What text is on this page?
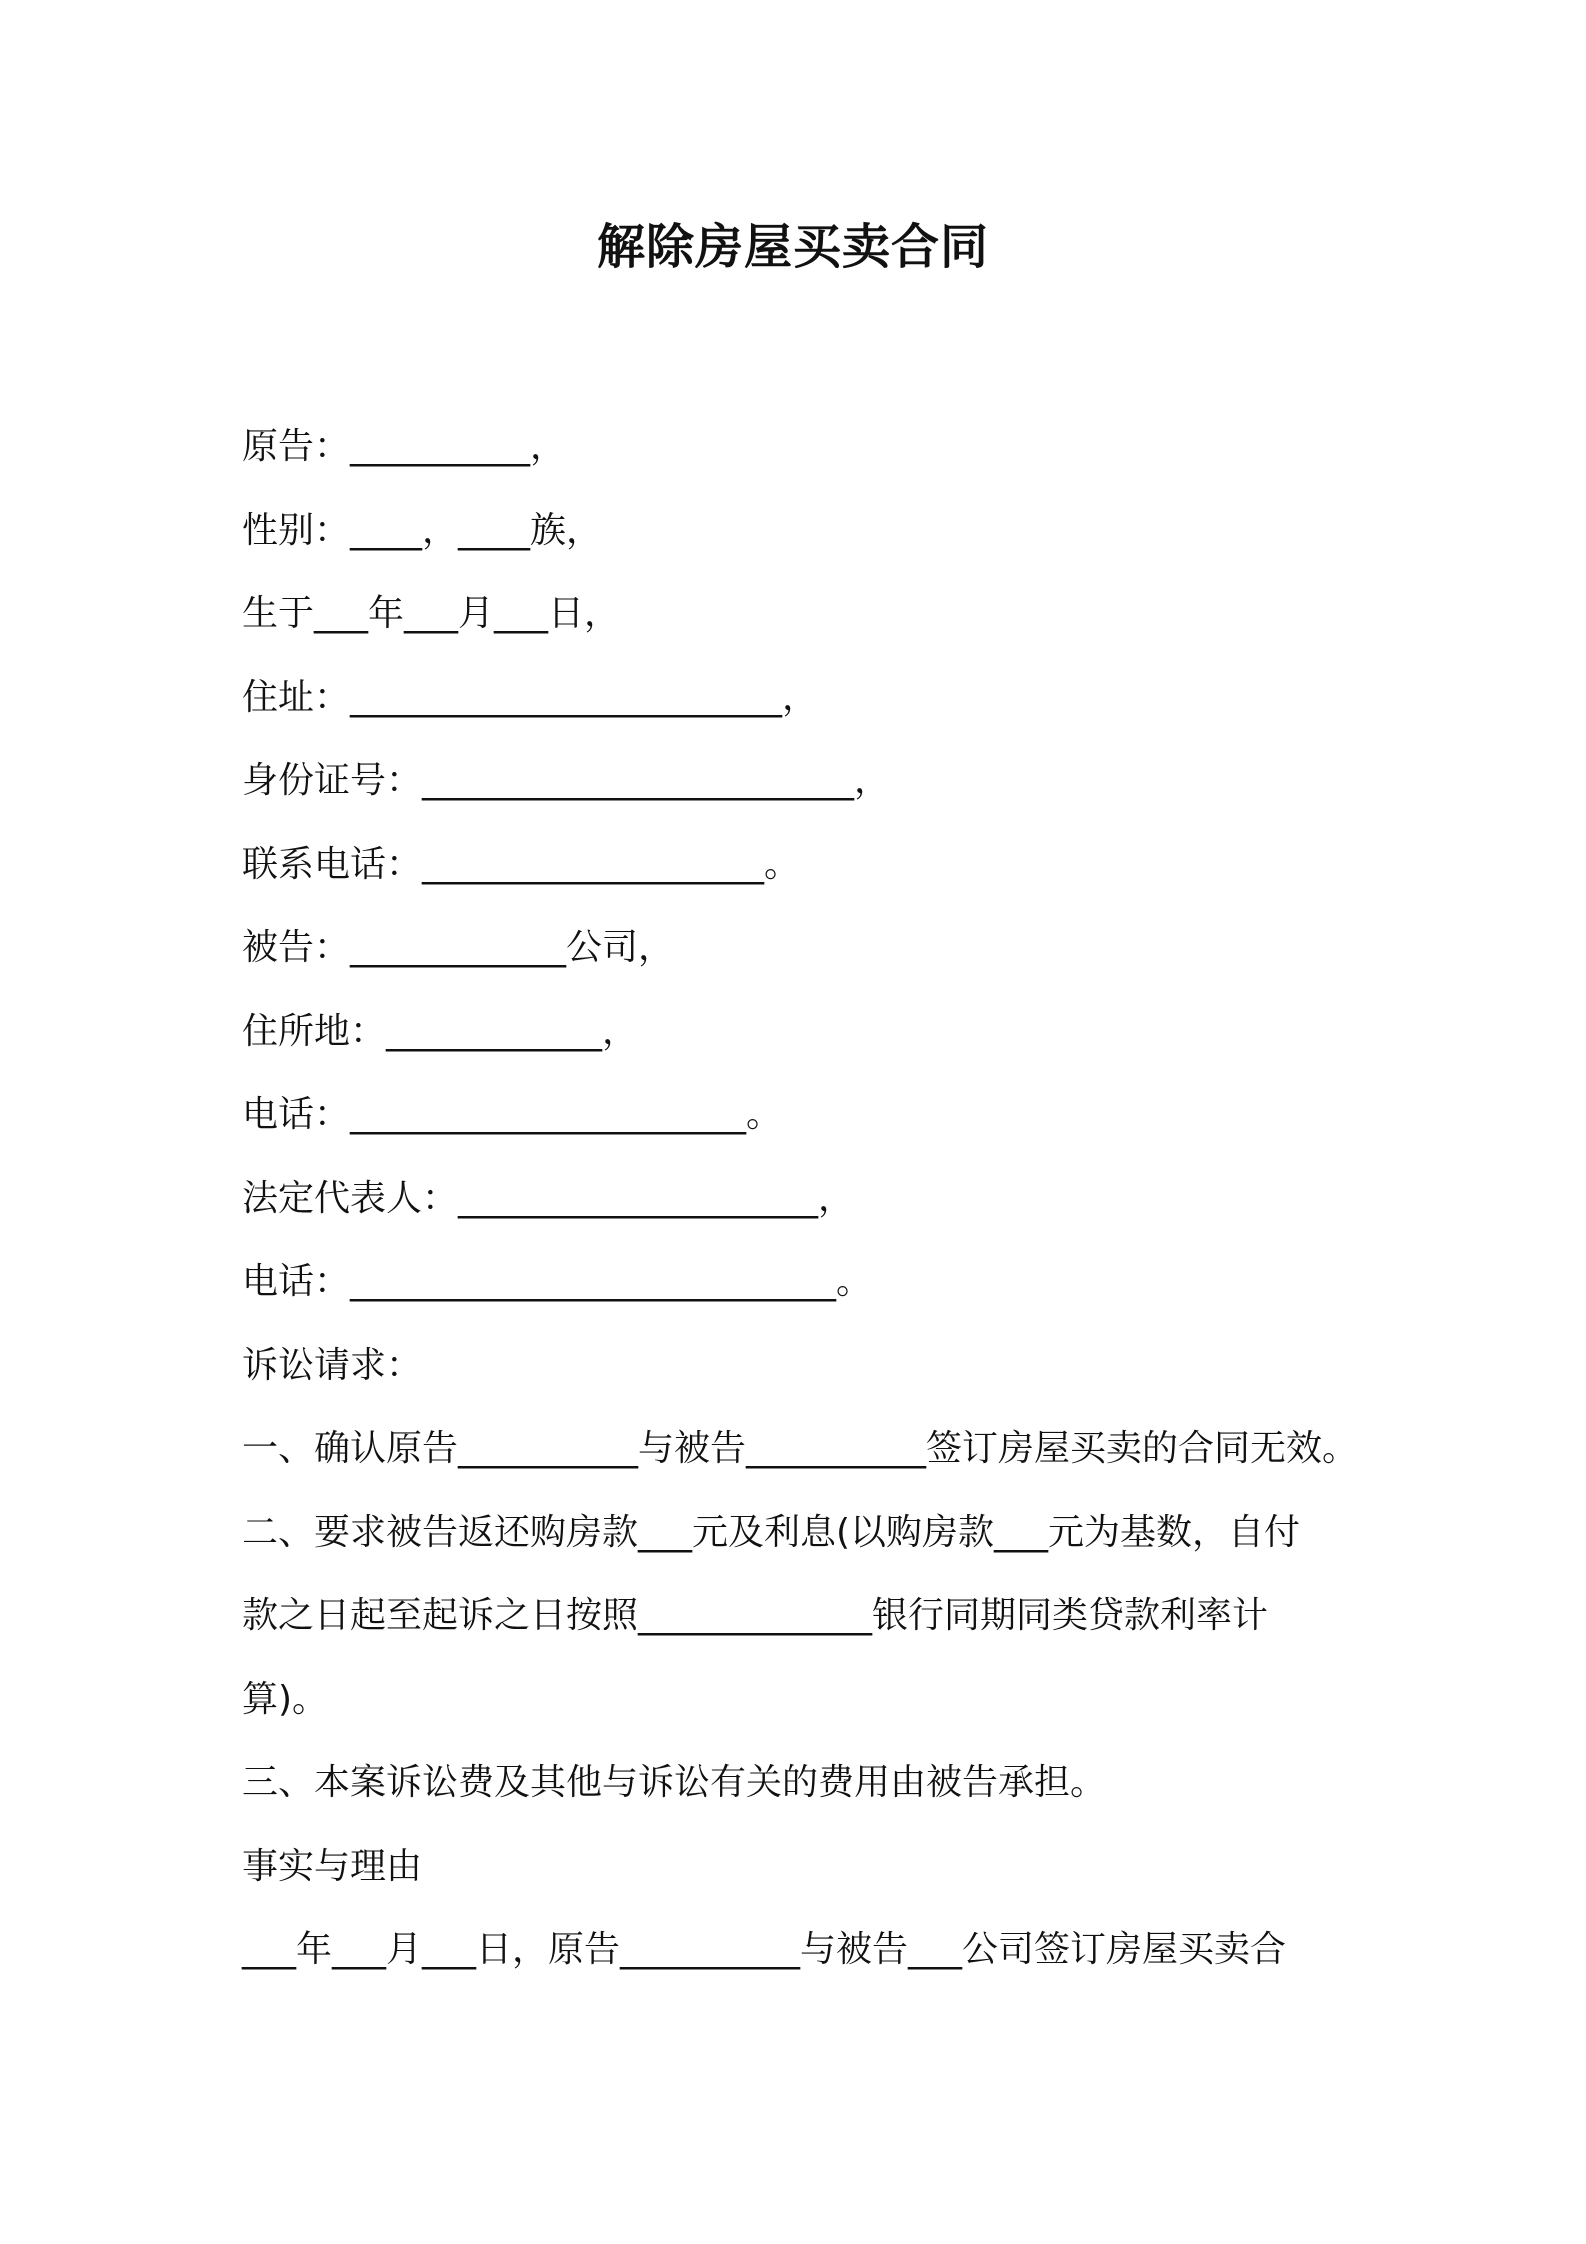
解除房屋买卖合同
原告：__________，
性别：____，____族，
生于___年___月___日，
住址：________________________，
身份证号：________________________，
联系电话：___________________。
被告：____________公司，
住所地：____________，
电话：______________________。
法定代表人：____________________，
电话：___________________________。
诉讼请求：
一、确认原告__________与被告__________签订房屋买卖的合同无效。
二、要求被告返还购房款___元及利息(以购房款___元为基数，自付
款之日起至起诉之日按照_____________银行同期同类贷款利率计
算)。
三、本案诉讼费及其他与诉讼有关的费用由被告承担。
事实与理由
___年___月___日，原告__________与被告___公司签订房屋买卖合
